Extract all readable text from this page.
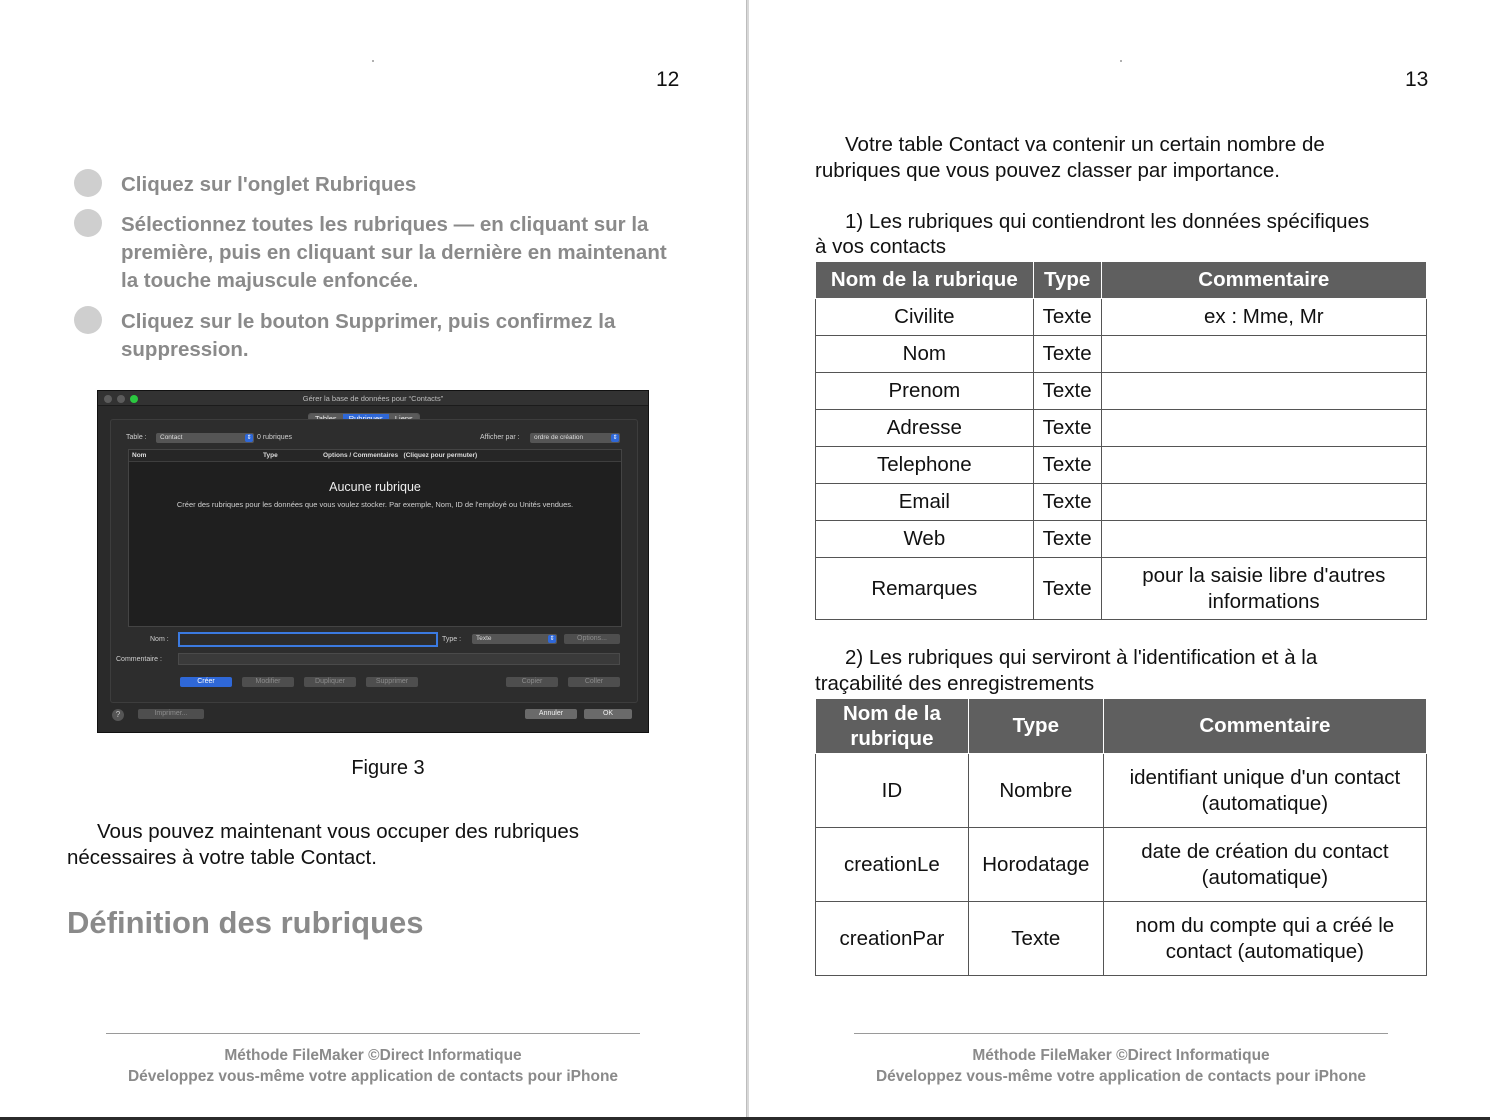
12
Cliquez sur l'onglet Rubriques
Sélectionnez toutes les rubriques — en cliquant sur la première, puis en cliquant sur la dernière en maintenant la touche majuscule enfoncée.
Cliquez sur le bouton Supprimer, puis confirmez la suppression.
Gérer la base de données pour “Contacts”
Table :	Contact	⇕ 0 rubriques	Afficher par :	ordre de création	⇕
Nom	Type	Options / Commentaires   (Cliquez pour permuter)
Aucune rubrique
Créer des rubriques pour les données que vous voulez stocker. Par exemple, Nom, ID de l'employé ou Unités vendues.
Nom :	Type :	Texte	⇕	Options...
Commentaire :
Créer	Modifier	Dupliquer	Supprimer	Copier	Coller
?	Imprimer...	Annuler	OK
Figure 3
Vous pouvez maintenant vous occuper des rubriques
nécessaires à votre table Contact.
Définition des rubriques
Méthode FileMaker ©Direct Informatique
Développez vous-même votre application de contacts pour iPhone
13
Votre table Contact va contenir un certain nombre de
rubriques que vous pouvez classer par importance.
1) Les rubriques qui contiendront les données spécifiques
à vos contacts
Nom de la rubrique	Type	Commentaire
Civilite	Texte	ex : Mme, Mr
Nom	Texte	
Prenom	Texte	
Adresse	Texte	
Telephone	Texte	
Email	Texte	
Web	Texte	
Remarques	Texte	pour la saisie libre d'autres informations
2) Les rubriques qui serviront à l'identification et à la
traçabilité des enregistrements
Nom de la rubrique	Type	Commentaire
ID	Nombre	identifiant unique d'un contact (automatique)
creationLe	Horodatage	date de création du contact (automatique)
creationPar	Texte	nom du compte qui a créé le contact (automatique)
Méthode FileMaker ©Direct Informatique
Développez vous-même votre application de contacts pour iPhone
